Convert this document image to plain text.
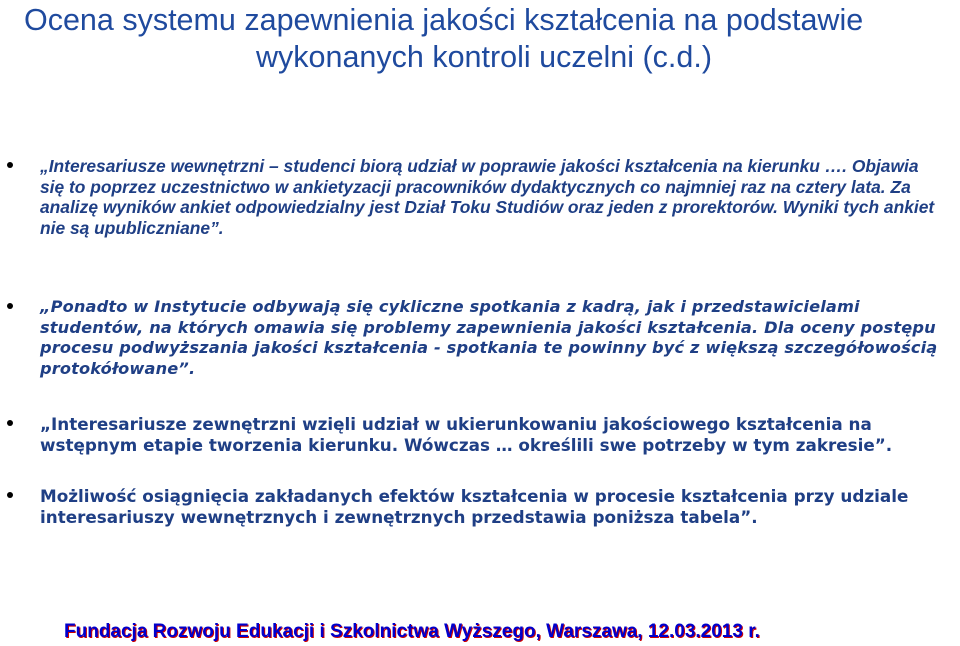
Ocena systemu zapewnienia jakości kształcenia na podstawie
wykonanych kontroli uczelni (c.d.)
„Interesariusze wewnętrzni – studenci biorą udział w poprawie jakości kształcenia na kierunku …. Objawia się to poprzez uczestnictwo w ankietyzacji pracowników dydaktycznych co najmniej raz na cztery lata. Za analizę wyników ankiet odpowiedzialny jest Dział Toku Studiów oraz jeden z prorektorów. Wyniki tych ankiet nie są upubliczniane”.
„Ponadto w Instytucie odbywają się cykliczne spotkania z kadrą, jak i przedstawicielami studentów, na których omawia się problemy zapewnienia jakości kształcenia. Dla oceny postępu procesu podwyższania jakości kształcenia - spotkania te powinny być z większą szczegółowością protokółowane”.
„Interesariusze zewnętrzni wzięli udział w ukierunkowaniu jakościowego kształcenia na wstępnym etapie tworzenia kierunku. Wówczas … określili swe potrzeby w tym zakresie”.
Możliwość osiągnięcia zakładanych efektów kształcenia w procesie kształcenia przy udziale interesariuszy wewnętrznych i zewnętrznych przedstawia poniższa tabela”.

Fundacja Rozwoju Edukacji i Szkolnictwa Wyższego, Warszawa, 12.03.2013 r.
